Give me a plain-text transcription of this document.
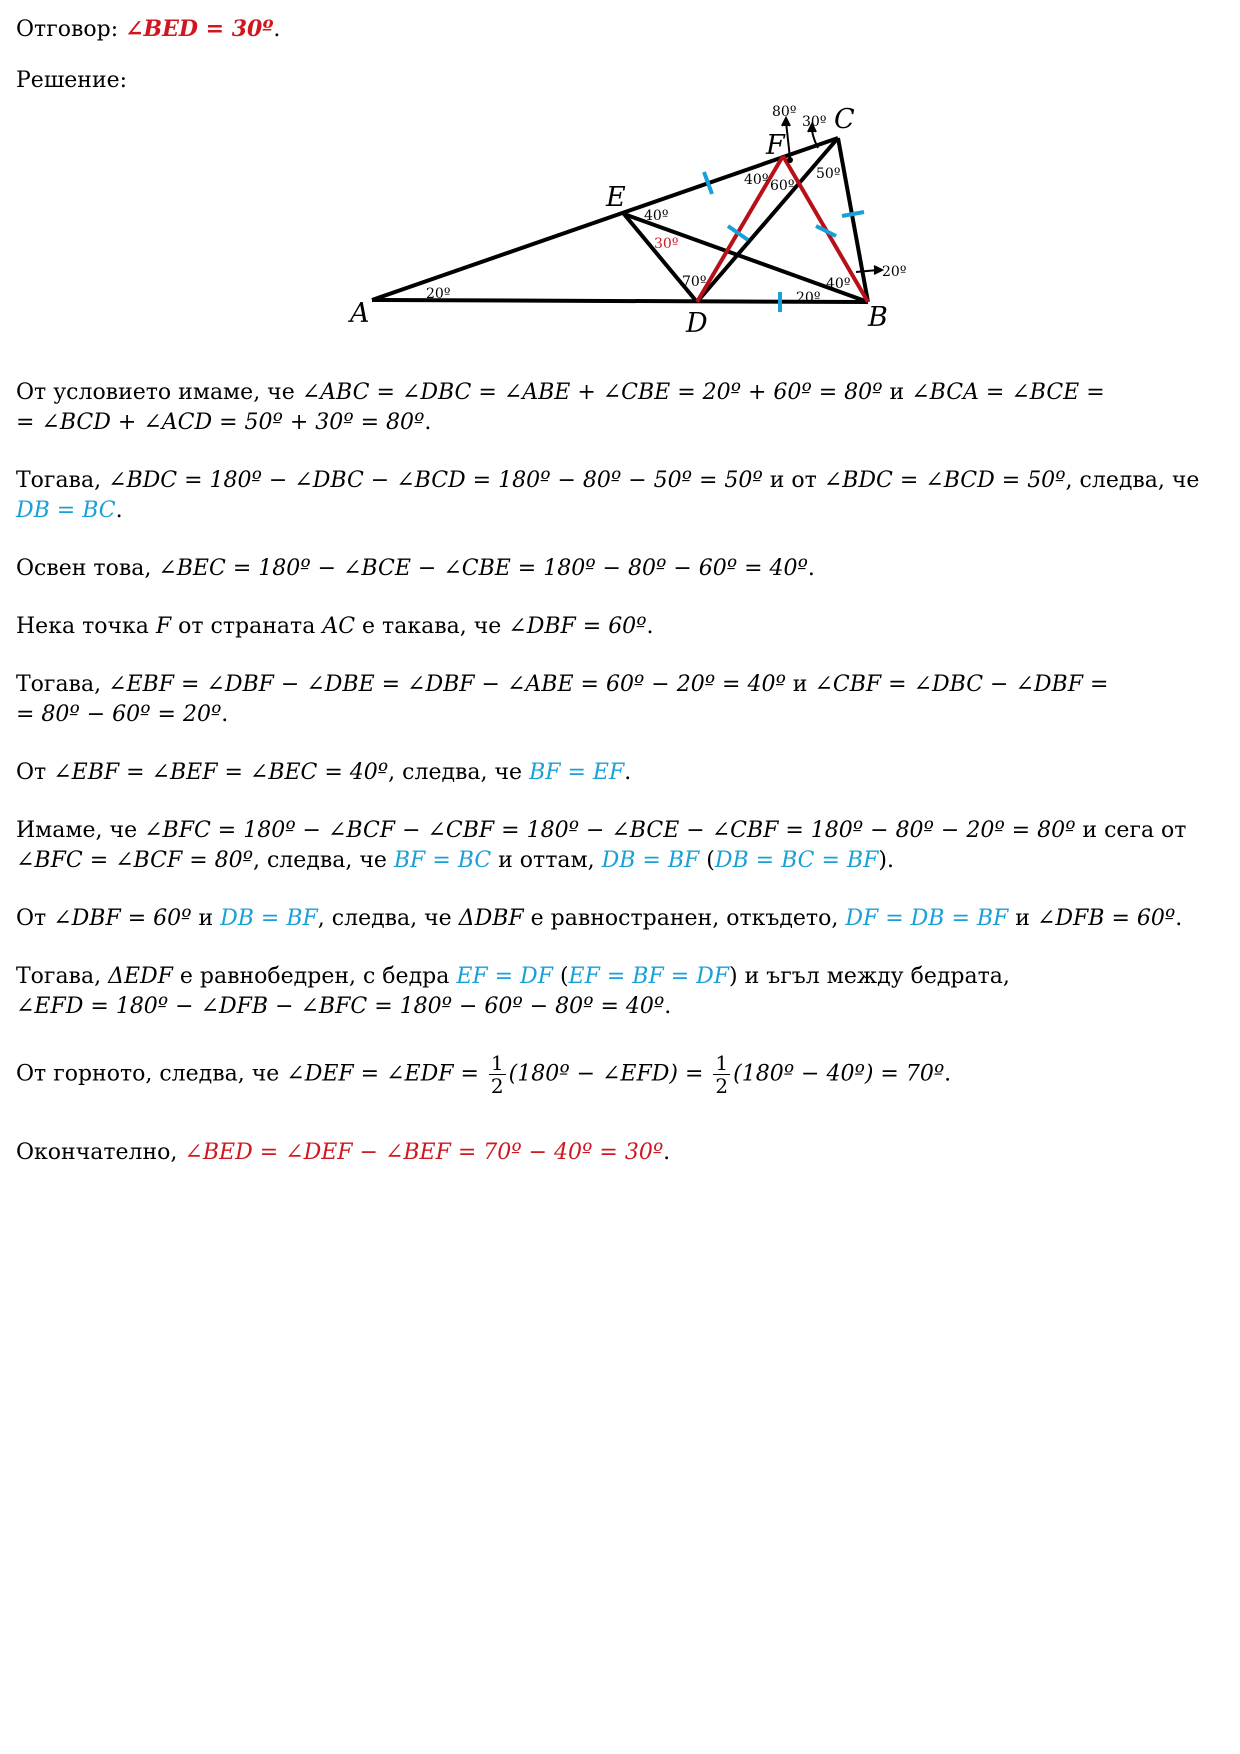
Отговор: ∠BED = 30º.
Решение:
A	B
C
D
E
F
80º
30º
40º 60º
50º
40º
30º
70º	40º
20º
20º
20º
От условието имаме, че ∠ABC = ∠DBC = ∠ABE + ∠CBE = 20º + 60º = 80º и ∠BCA = ∠BCE =
= ∠BCD + ∠ACD = 50º + 30º = 80º.
Тогава, ∠BDC = 180º − ∠DBC − ∠BCD = 180º − 80º − 50º = 50º и от ∠BDC = ∠BCD = 50º, следва, че
DB = BC.
Освен това, ∠BEC = 180º − ∠BCE − ∠CBE = 180º − 80º − 60º = 40º.
Нека точка F от страната AC е такава, че ∠DBF = 60º.
Тогава, ∠EBF = ∠DBF − ∠DBE = ∠DBF − ∠ABE = 60º − 20º = 40º и ∠CBF = ∠DBC − ∠DBF =
= 80º − 60º = 20º.
От ∠EBF = ∠BEF = ∠BEC = 40º, следва, че BF = EF.
Имаме, че ∠BFC = 180º − ∠BCF − ∠CBF = 180º − ∠BCE − ∠CBF = 180º − 80º − 20º = 80º и сега от
∠BFC = ∠BCF = 80º, следва, че BF = BC и оттам, DB = BF (DB = BC = BF).
От ∠DBF = 60º и DB = BF, следва, че ΔDBF е равностранен, откъдето, DF = DB = BF и ∠DFB = 60º.
Тогава, ΔEDF е равнобедрен, с бедра EF = DF (EF = BF = DF) и ъгъл между бедрата,
∠EFD = 180º − ∠DFB − ∠BFC = 180º − 60º − 80º = 40º.
От горното, следва, че ∠DEF = ∠EDF = $\frac{1}{2}$ (180º − ∠EFD) = $\frac{1}{2}$ (180º − 40º) = 70º.
Окончателно, ∠BED = ∠DEF − ∠BEF = 70º − 40º = 30º.
